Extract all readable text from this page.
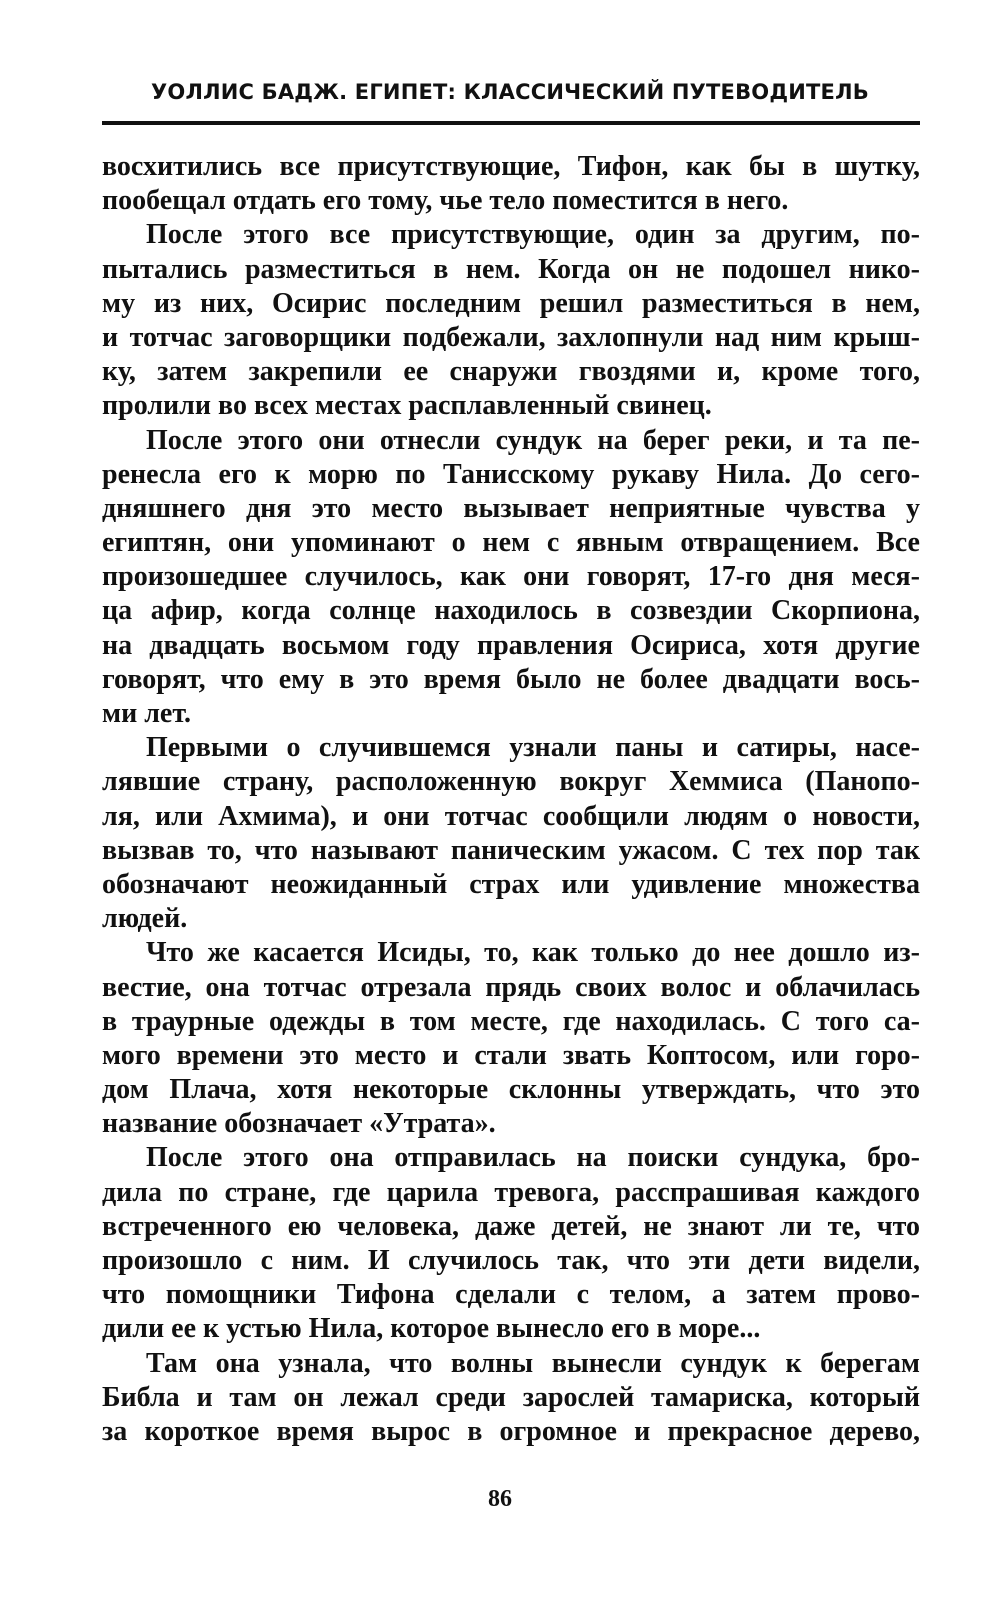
УОЛЛИС БАДЖ. ЕГИПЕТ: КЛАССИЧЕСКИЙ ПУТЕВОДИТЕЛЬ
восхитились все присутствующие, Тифон, как бы в шутку,
пообещал отдать его тому, чье тело поместится в него.
После этого все присутствующие, один за другим, по-
пытались разместиться в нем. Когда он не подошел нико-
му из них, Осирис последним решил разместиться в нем,
и тотчас заговорщики подбежали, захлопнули над ним крыш-
ку, затем закрепили ее снаружи гвоздями и, кроме того,
пролили во всех местах расплавленный свинец.
После этого они отнесли сундук на берег реки, и та пе-
ренесла его к морю по Танисскому рукаву Нила. До сего-
дняшнего дня это место вызывает неприятные чувства у
египтян, они упоминают о нем с явным отвращением. Все
произошедшее случилось, как они говорят, 17-го дня меся-
ца афир, когда солнце находилось в созвездии Скорпиона,
на двадцать восьмом году правления Осириса, хотя другие
говорят, что ему в это время было не более двадцати вось-
ми лет.
Первыми о случившемся узнали паны и сатиры, насе-
лявшие страну, расположенную вокруг Хеммиса (Панопо-
ля, или Ахмима), и они тотчас сообщили людям о новости,
вызвав то, что называют паническим ужасом. С тех пор так
обозначают неожиданный страх или удивление множества
людей.
Что же касается Исиды, то, как только до нее дошло из-
вестие, она тотчас отрезала прядь своих волос и облачилась
в траурные одежды в том месте, где находилась. С того са-
мого времени это место и стали звать Коптосом, или горо-
дом Плача, хотя некоторые склонны утверждать, что это
название обозначает «Утрата».
После этого она отправилась на поиски сундука, бро-
дила по стране, где царила тревога, расспрашивая каждого
встреченного ею человека, даже детей, не знают ли те, что
произошло с ним. И случилось так, что эти дети видели,
что помощники Тифона сделали с телом, а затем прово-
дили ее к устью Нила, которое вынесло его в море...
Там она узнала, что волны вынесли сундук к берегам
Библа и там он лежал среди зарослей тамариска, который
за короткое время вырос в огромное и прекрасное дерево,
86
